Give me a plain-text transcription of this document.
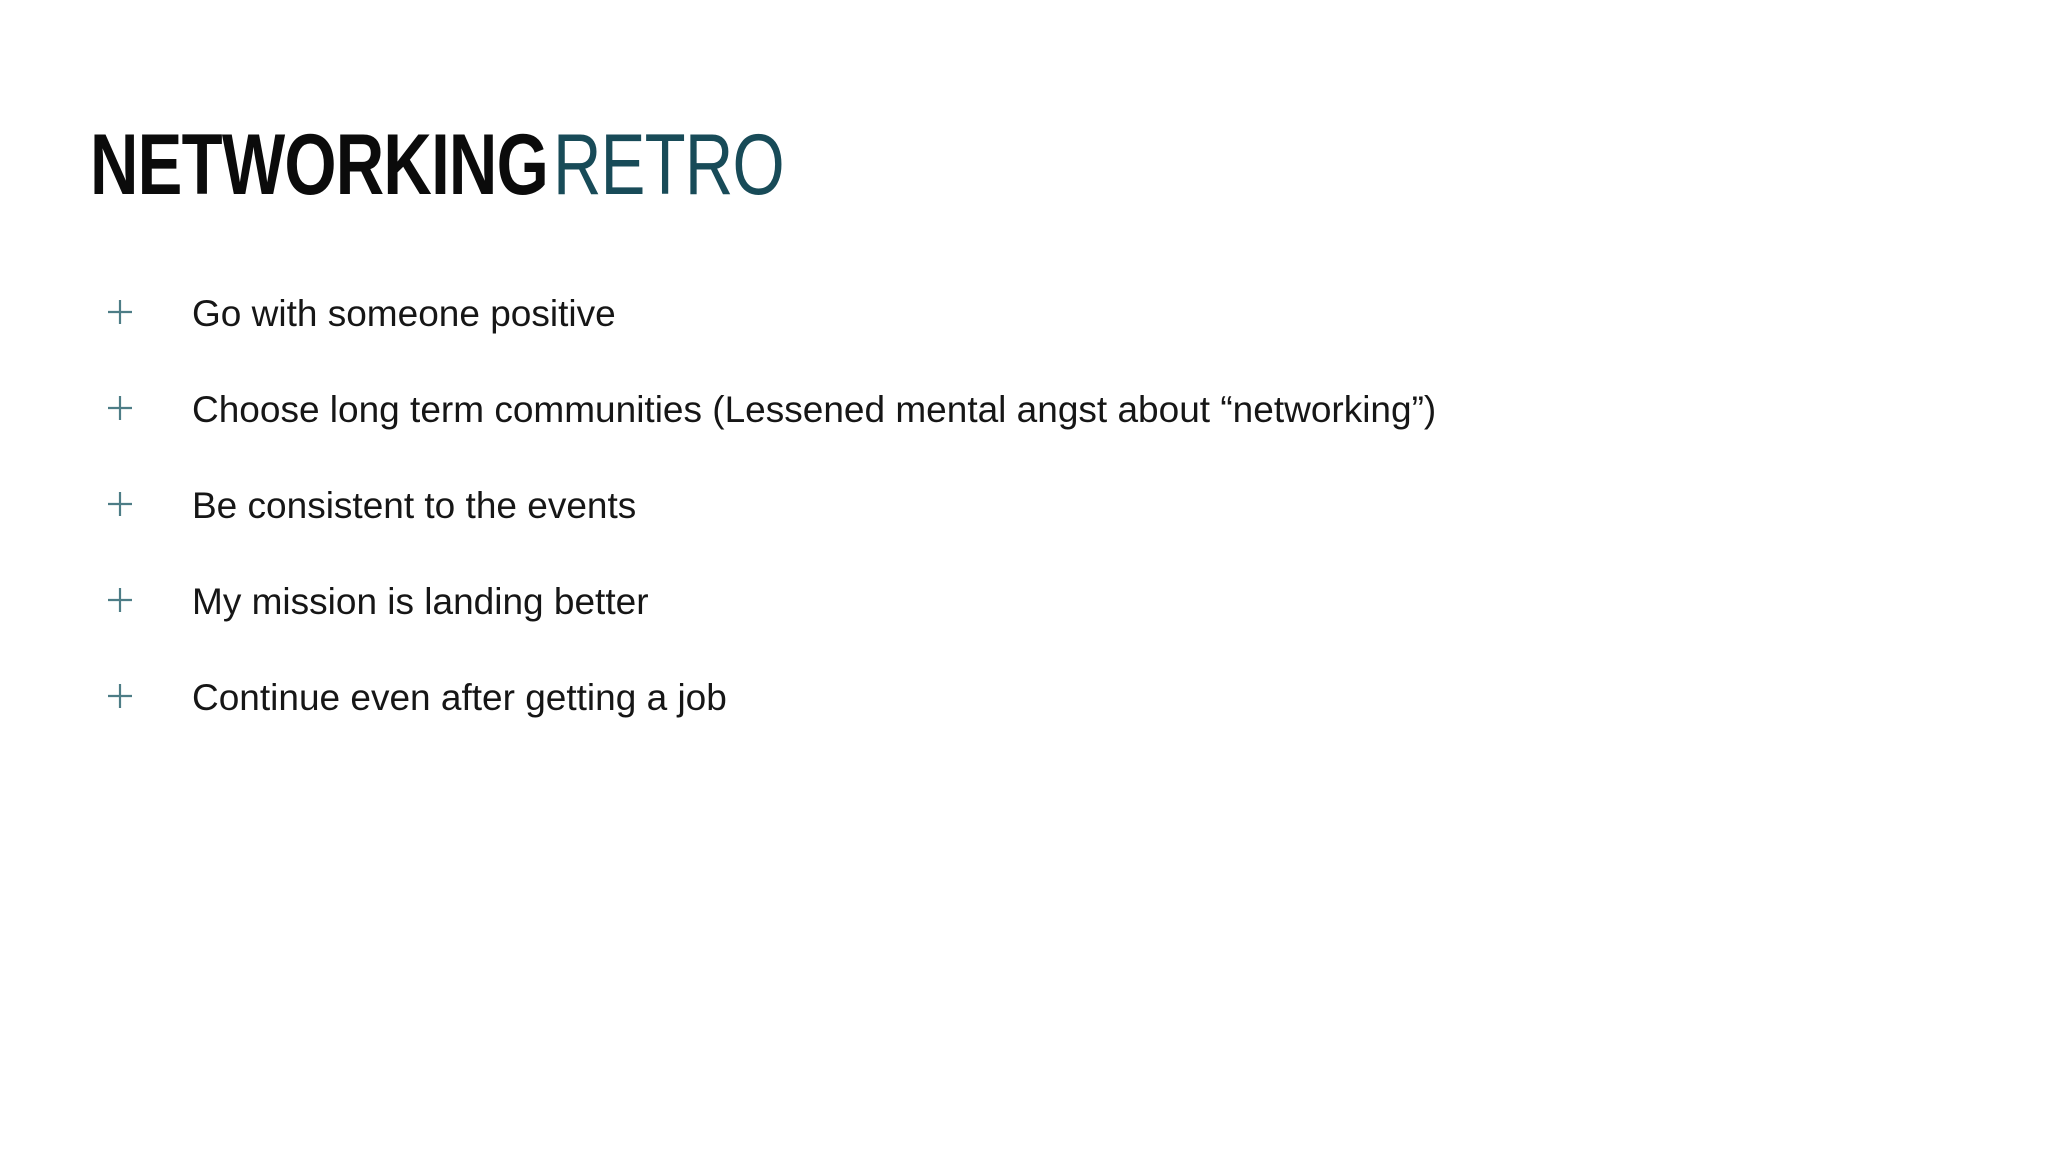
NETWORKING RETRO
Go with someone positive
Choose long term communities (Lessened mental angst about “networking”)
Be consistent to the events
My mission is landing better
Continue even after getting a job
